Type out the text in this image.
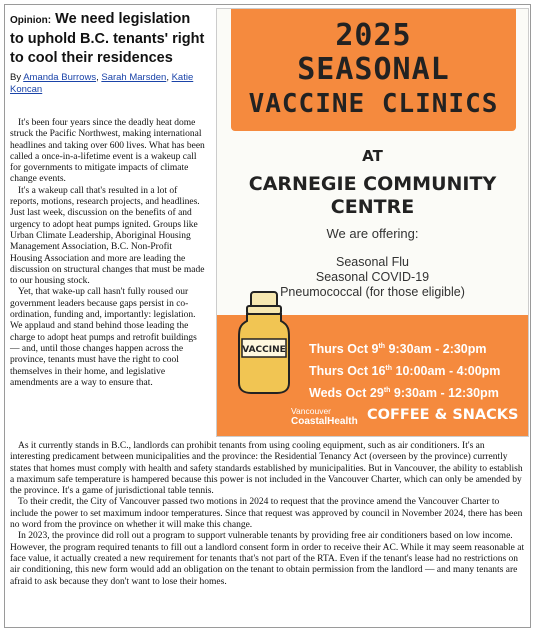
Opinion: We need legislation to uphold B.C. tenants' right to cool their residences
By Amanda Burrows, Sarah Marsden, Katie Koncan

It's been four years since the deadly heat dome struck the Pacific Northwest, making international headlines and taking over 600 lives. What has been called a once-in-a-lifetime event is a wakeup call for governments to mitigate impacts of climate change events.

It's a wakeup call that's resulted in a lot of reports, motions, research projects, and headlines. Just last week, discussion on the benefits of and urgency to adopt heat pumps ignited. Groups like Urban Climate Leadership, Aboriginal Housing Management Association, B.C. Non-Profit Housing Association and more are leading the discussion on structural changes that must be made to our housing stock.

Yet, that wake-up call hasn't fully roused our government leaders because gaps persist in co-ordination, funding and, importantly: legislation. We applaud and stand behind those leading the charge to adopt heat pumps and retrofit buildings — and, until those changes happen across the province, tenants must have the right to cool themselves in their home, and legislative amendments are a way to ensure that.

2025
SEASONAL
VACCINE CLINICS
AT
CARNEGIE COMMUNITY
CENTRE
We are offering:
Seasonal Flu
Seasonal COVID-19
Pneumococcal (for those eligible)
Thurs Oct 9th 9:30am - 2:30pm
Thurs Oct 16th 10:00am - 4:00pm
Weds Oct 29th 9:30am - 12:30pm
Vancouver
CoastalHealth COFFEE & SNACKS
VACCINE

As it currently stands in B.C., landlords can prohibit tenants from using cooling equipment, such as air conditioners. It's an interesting predicament between municipalities and the province: the Residential Tenancy Act (overseen by the province) currently states that homes must comply with health and safety standards established by municipalities. But in Vancouver, the ability to establish a maximum safe temperature is hampered because this power is not included in the Vancouver Charter, which can only be amended by the province. It's a game of jurisdictional table tennis.

To their credit, the City of Vancouver passed two motions in 2024 to request that the province amend the Vancouver Charter to include the power to set maximum indoor temperatures. Since that request was approved by council in November 2024, there has been no word from the province on whether it will make this change.

In 2023, the province did roll out a program to support vulnerable tenants by providing free air conditioners based on low income. However, the program required tenants to fill out a landlord consent form in order to receive their AC. While it may seem reasonable at face value, it actually created a new requirement for tenants that's not part of the RTA. Even if the tenant's lease had no restrictions on air conditioning, this new form would add an obligation on the tenant to obtain permission from the landlord — and many tenants are afraid to ask because they don't want to lose their homes.
